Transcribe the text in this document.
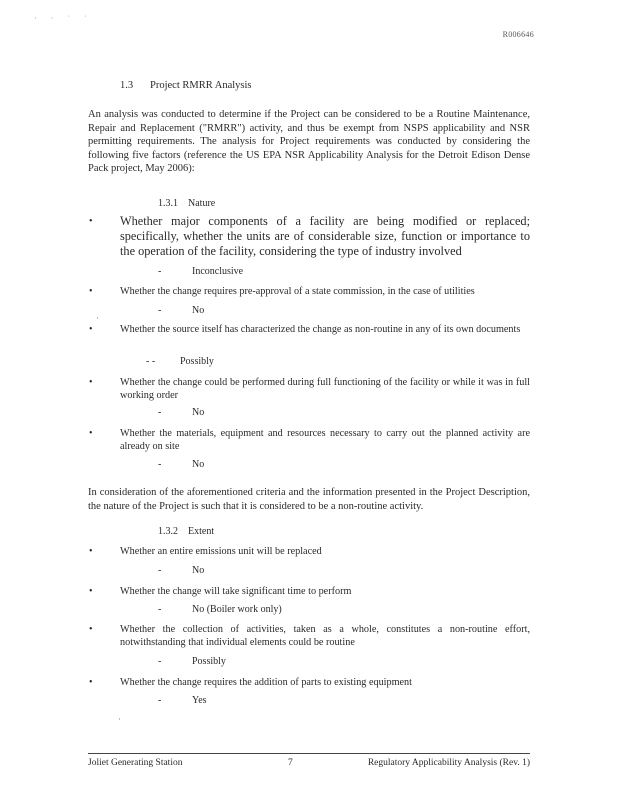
· · ˙ ˙
R006646
1.3 Project RMRR Analysis
An analysis was conducted to determine if the Project can be considered to be a Routine Maintenance, Repair and Replacement ("RMRR") activity, and thus be exempt from NSPS applicability and NSR permitting requirements. The analysis for Project requirements was conducted by considering the following five factors (reference the US EPA NSR Applicability Analysis for the Detroit Edison Dense Pack project, May 2006):
1.3.1 Nature
• Whether major components of a facility are being modified or replaced; specifically, whether the units are of considerable size, function or importance to the operation of the facility, considering the type of industry involved
-	Inconclusive
•	Whether the change requires pre-approval of a state commission, in the case of utilities
-	No
·
•	Whether the source itself has characterized the change as non-routine in any of its own documents
- - Possibly
•	Whether the change could be performed during full functioning of the facility or while it was in full working order
-	No
•	Whether the materials, equipment and resources necessary to carry out the planned activity are already on site
-	No
In consideration of the aforementioned criteria and the information presented in the Project Description, the nature of the Project is such that it is considered to be a non-routine activity.
1.3.2 Extent
•	Whether an entire emissions unit will be replaced
-	No
•	Whether the change will take significant time to perform
-	No (Boiler work only)
•	Whether the collection of activities, taken as a whole, constitutes a non-routine effort, notwithstanding that individual elements could be routine
-	Possibly
•	Whether the change requires the addition of parts to existing equipment
-	Yes
·
Joliet Generating Station	7	Regulatory Applicability Analysis (Rev. 1)
